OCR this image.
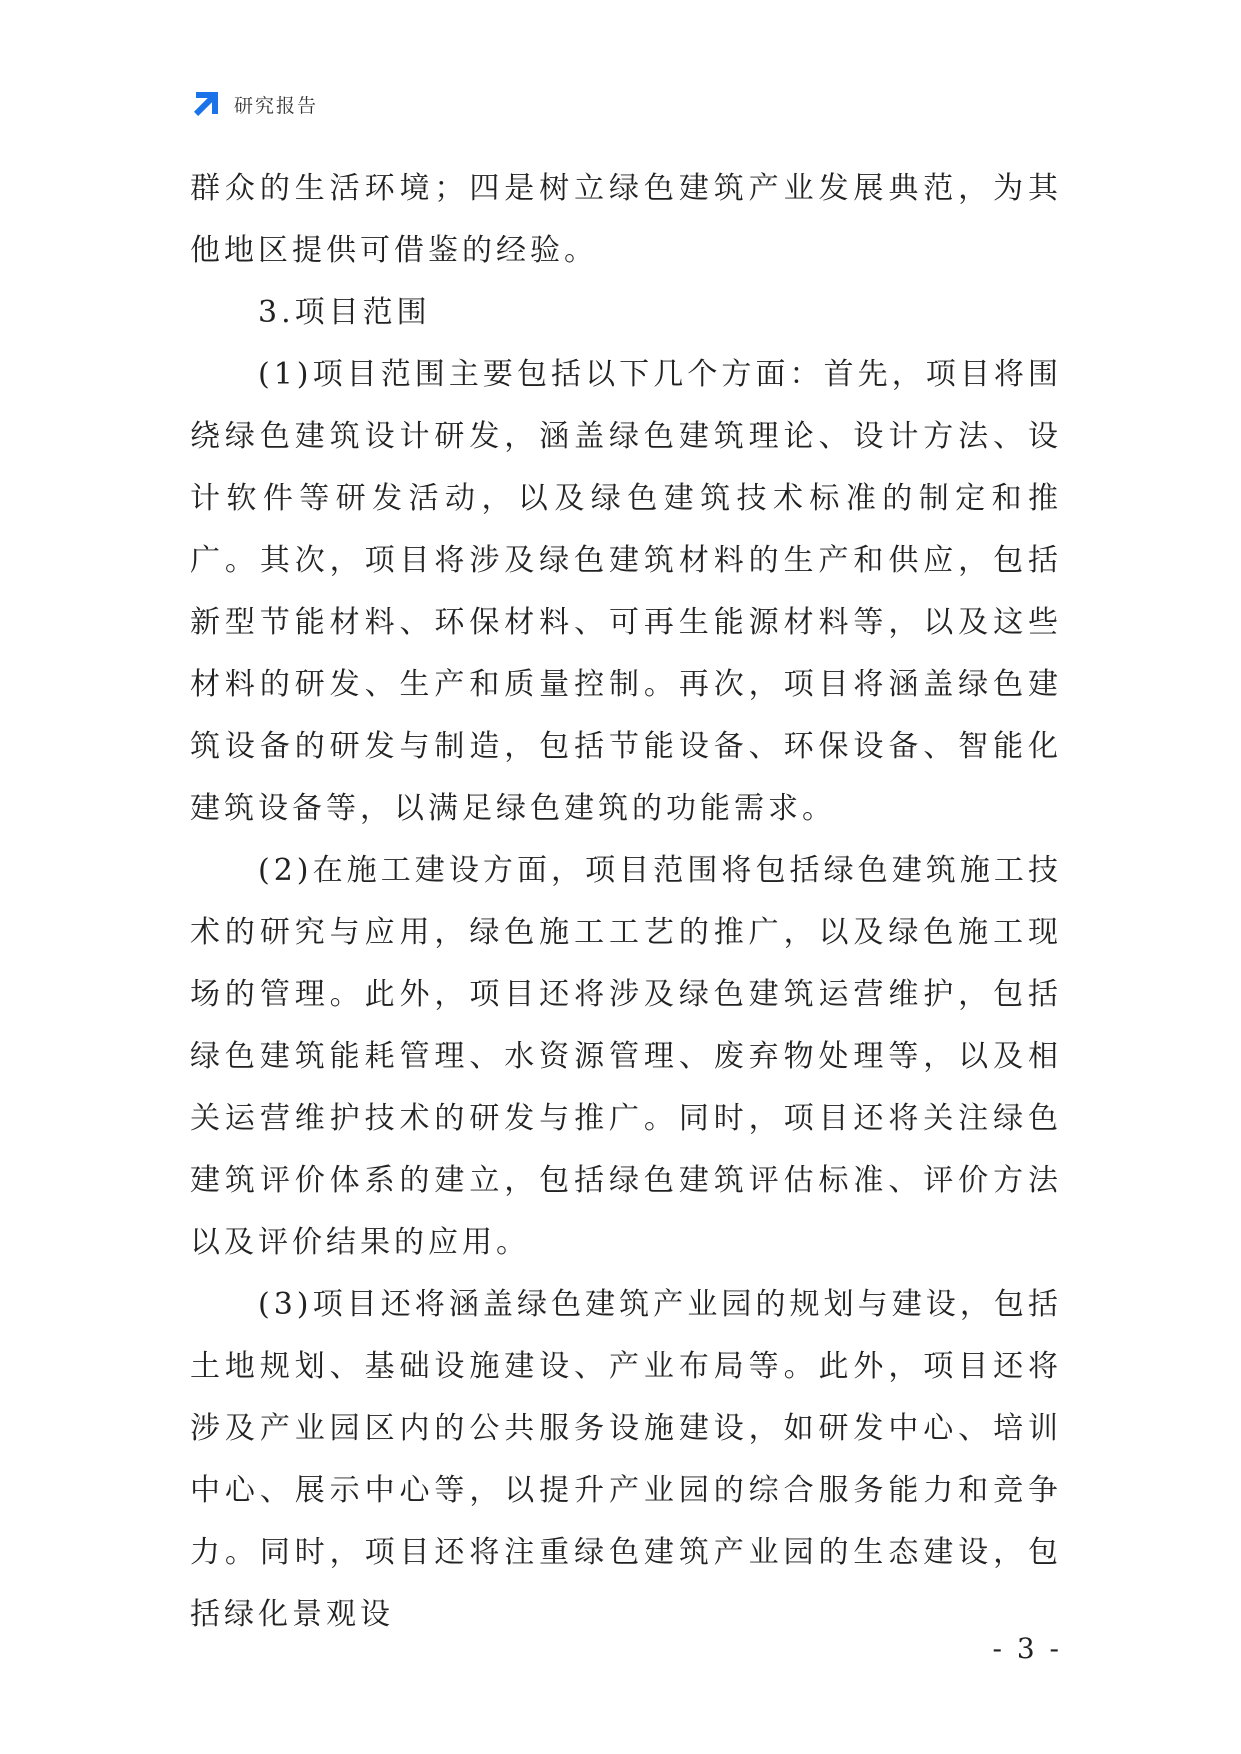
研究报告

群众的生活环境；四是树立绿色建筑产业发展典范，为其他地区提供可借鉴的经验。

3.项目范围

(1)项目范围主要包括以下几个方面：首先，项目将围绕绿色建筑设计研发，涵盖绿色建筑理论、设计方法、设计软件等研发活动，以及绿色建筑技术标准的制定和推广。其次，项目将涉及绿色建筑材料的生产和供应，包括新型节能材料、环保材料、可再生能源材料等，以及这些材料的研发、生产和质量控制。再次，项目将涵盖绿色建筑设备的研发与制造，包括节能设备、环保设备、智能化建筑设备等，以满足绿色建筑的功能需求。

(2)在施工建设方面，项目范围将包括绿色建筑施工技术的研究与应用，绿色施工工艺的推广，以及绿色施工现场的管理。此外，项目还将涉及绿色建筑运营维护，包括绿色建筑能耗管理、水资源管理、废弃物处理等，以及相关运营维护技术的研发与推广。同时，项目还将关注绿色建筑评价体系的建立，包括绿色建筑评估标准、评价方法以及评价结果的应用。

(3)项目还将涵盖绿色建筑产业园的规划与建设，包括土地规划、基础设施建设、产业布局等。此外，项目还将涉及产业园区内的公共服务设施建设，如研发中心、培训中心、展示中心等，以提升产业园的综合服务能力和竞争力。同时，项目还将注重绿色建筑产业园的生态建设，包括绿化景观设

- 3 -
